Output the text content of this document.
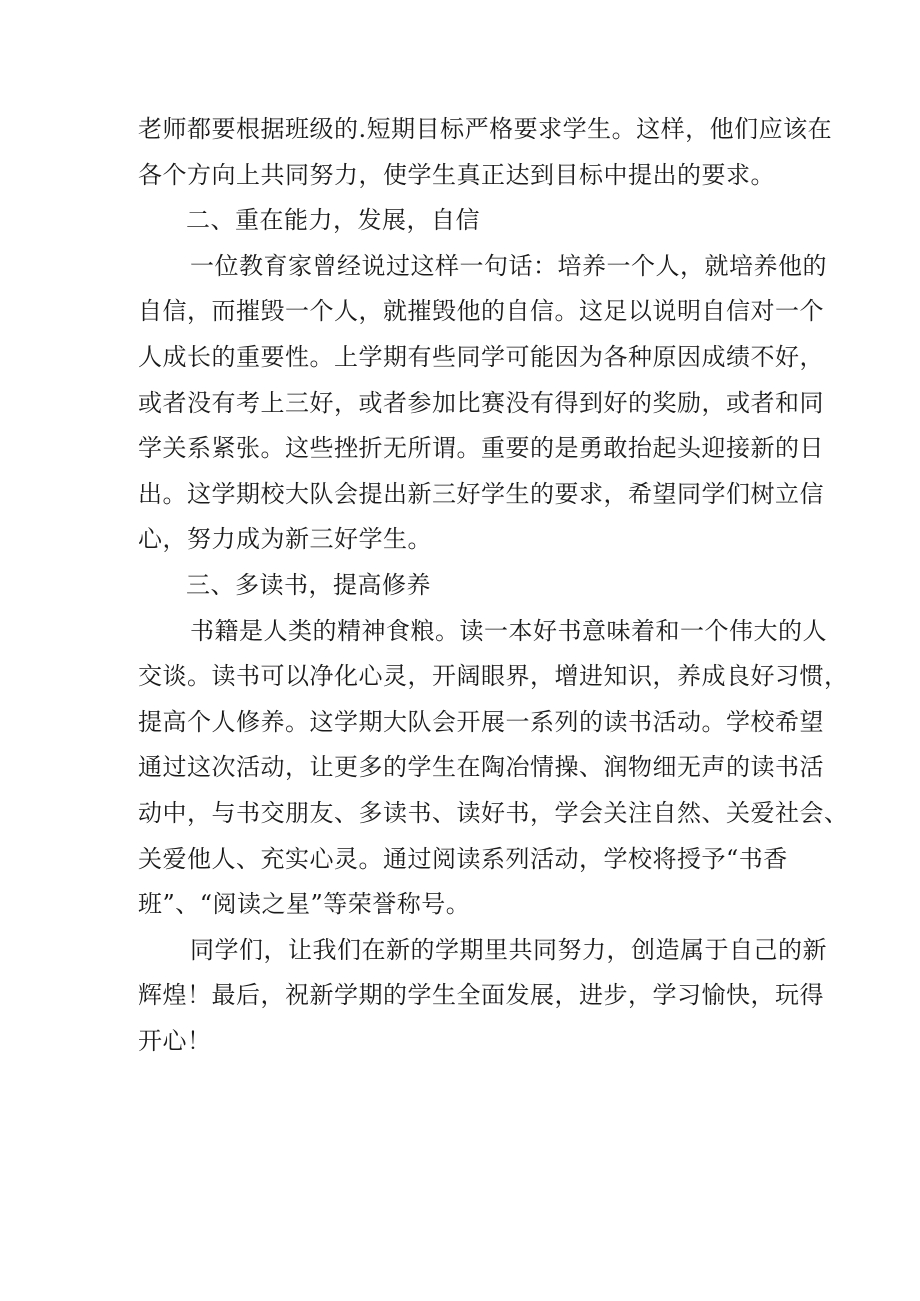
老师都要根据班级的.短期目标严格要求学生。这样，他们应该在
各个方向上共同努力，使学生真正达到目标中提出的要求。
二、重在能力，发展，自信
一位教育家曾经说过这样一句话：培养一个人，就培养他的
自信，而摧毁一个人，就摧毁他的自信。这足以说明自信对一个
人成长的重要性。上学期有些同学可能因为各种原因成绩不好，
或者没有考上三好，或者参加比赛没有得到好的奖励，或者和同
学关系紧张。这些挫折无所谓。重要的是勇敢抬起头迎接新的日
出。这学期校大队会提出新三好学生的要求，希望同学们树立信
心，努力成为新三好学生。
三、多读书，提高修养
书籍是人类的精神食粮。读一本好书意味着和一个伟大的人
交谈。读书可以净化心灵，开阔眼界，增进知识，养成良好习惯，
提高个人修养。这学期大队会开展一系列的读书活动。学校希望
通过这次活动，让更多的学生在陶冶情操、润物细无声的读书活
动中，与书交朋友、多读书、读好书，学会关注自然、关爱社会、
关爱他人、充实心灵。通过阅读系列活动，学校将授予“书香
班”、“阅读之星”等荣誉称号。
同学们，让我们在新的学期里共同努力，创造属于自己的新
辉煌！最后，祝新学期的学生全面发展，进步，学习愉快，玩得
开心！
